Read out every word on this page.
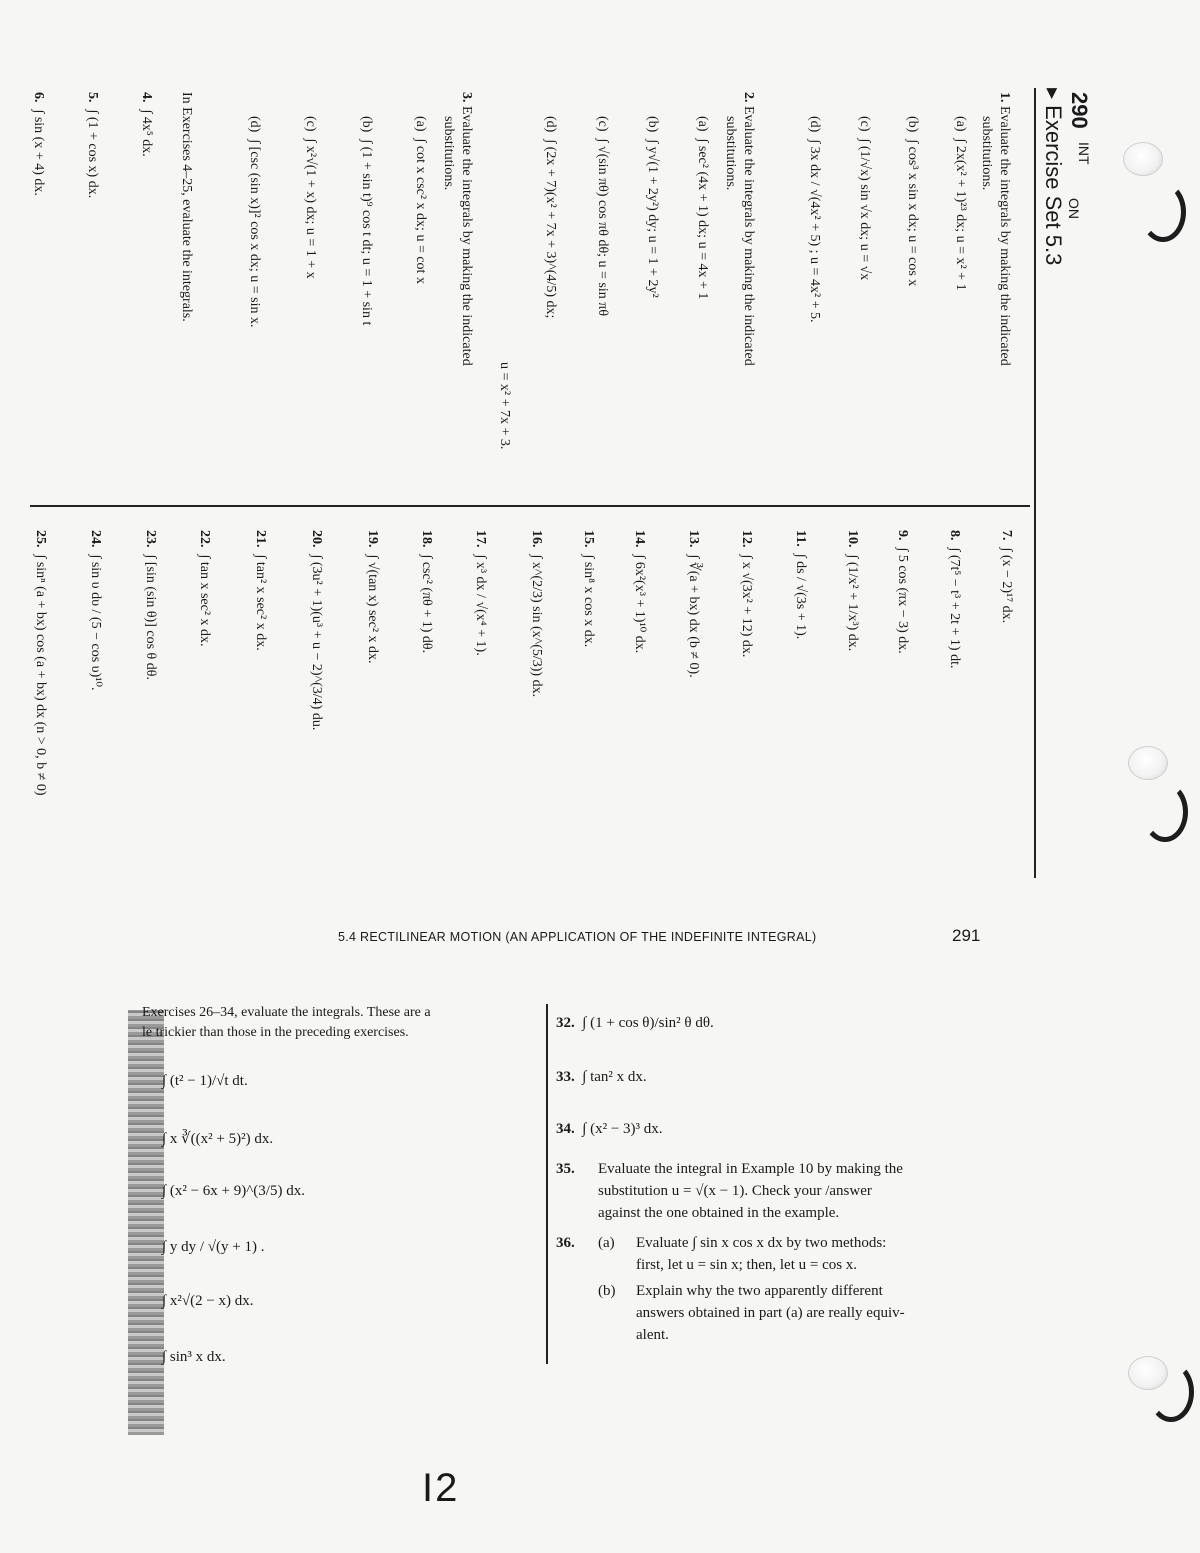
290
INT
ON
▸ Exercise Set 5.3
1. Evaluate the integrals by making the indicated
substitutions.
(a)  ∫ 2x(x² + 1)²³ dx; u = x² + 1
(b)  ∫ cos³ x sin x dx; u = cos x
(c)  ∫ (1/√x) sin √x dx; u = √x
(d)  ∫ 3x dx / √(4x² + 5) ; u = 4x² + 5.
2. Evaluate the integrals by making the indicated
substitutions.
(a)  ∫ sec² (4x + 1) dx; u = 4x + 1
(b)  ∫ y√(1 + 2y²) dy; u = 1 + 2y²
(c)  ∫ √(sin πθ) cos πθ dθ; u = sin πθ
(d)  ∫ (2x + 7)(x² + 7x + 3)^(4/5) dx;
u = x² + 7x + 3.
3. Evaluate the integrals by making the indicated
substitutions.
(a)  ∫ cot x csc² x dx; u = cot x
(b)  ∫ (1 + sin t)⁹ cos t dt; u = 1 + sin t
(c)  ∫ x²√(1 + x) dx; u = 1 + x
(d)  ∫ [csc (sin x)]² cos x dx; u = sin x.
In Exercises 4–25, evaluate the integrals.
4.  ∫ 4x⁵ dx.
5.  ∫ (1 + cos x) dx.
6.  ∫ sin (x + 4) dx.
7.  ∫ (x − 2)¹⁷ dx.
8.  ∫ (7t⁵ − t³ + 2t + 1) dt.
9.  ∫ 5 cos (πx − 3) dx.
10.  ∫ (1/x² + 1/x³) dx.
11.  ∫ ds / √(3s + 1).
12.  ∫ x √(3x² + 12) dx.
13.  ∫ ∛(a + bx) dx (b ≠ 0).
14.  ∫ 6x²(x³ + 1)¹⁰ dx.
15.  ∫ sin⁸ x cos x dx.
16.  ∫ x^(2/3) sin (x^(5/3)) dx.
17.  ∫ x³ dx / √(x⁴ + 1).
18.  ∫ csc² (πθ + 1) dθ.
19.  ∫ √(tan x) sec² x dx.
20.  ∫ (3u² + 1)(u³ + u − 2)^(3/4) du.
21.  ∫ tan² x sec² x dx.
22.  ∫ tan x sec² x dx.
23.  ∫ [sin (sin θ)] cos θ dθ.
24.  ∫ sin υ dυ / (5 − cos υ)¹⁰.
25.  ∫ sinⁿ (a + bx) cos (a + bx) dx (n > 0, b ≠ 0)
5.4 RECTILINEAR MOTION (AN APPLICATION OF THE INDEFINITE INTEGRAL)	291
Exercises 26–34, evaluate the integrals. These are a
le trickier than those in the preceding exercises.
∫ (t² − 1)/√t dt.
∫ x ∛((x² + 5)²) dx.
∫ (x² − 6x + 9)^(3/5) dx.
∫ y dy / √(y + 1) .
∫ x²√(2 − x) dx.
∫ sin³ x dx.
32. ∫ (1 + cos θ)/sin² θ dθ.
33. ∫ tan² x dx.
34. ∫ (x² − 3)³ dx.
35. Evaluate the integral in Example 10 by making the
substitution u = √(x − 1). Check your /answer
against the one obtained in the example.
36. (a) Evaluate ∫ sin x cos x dx by two methods:
first, let u = sin x; then, let u = cos x.
(b) Explain why the two apparently different
answers obtained in part (a) are really equiv-
alent.
I2
